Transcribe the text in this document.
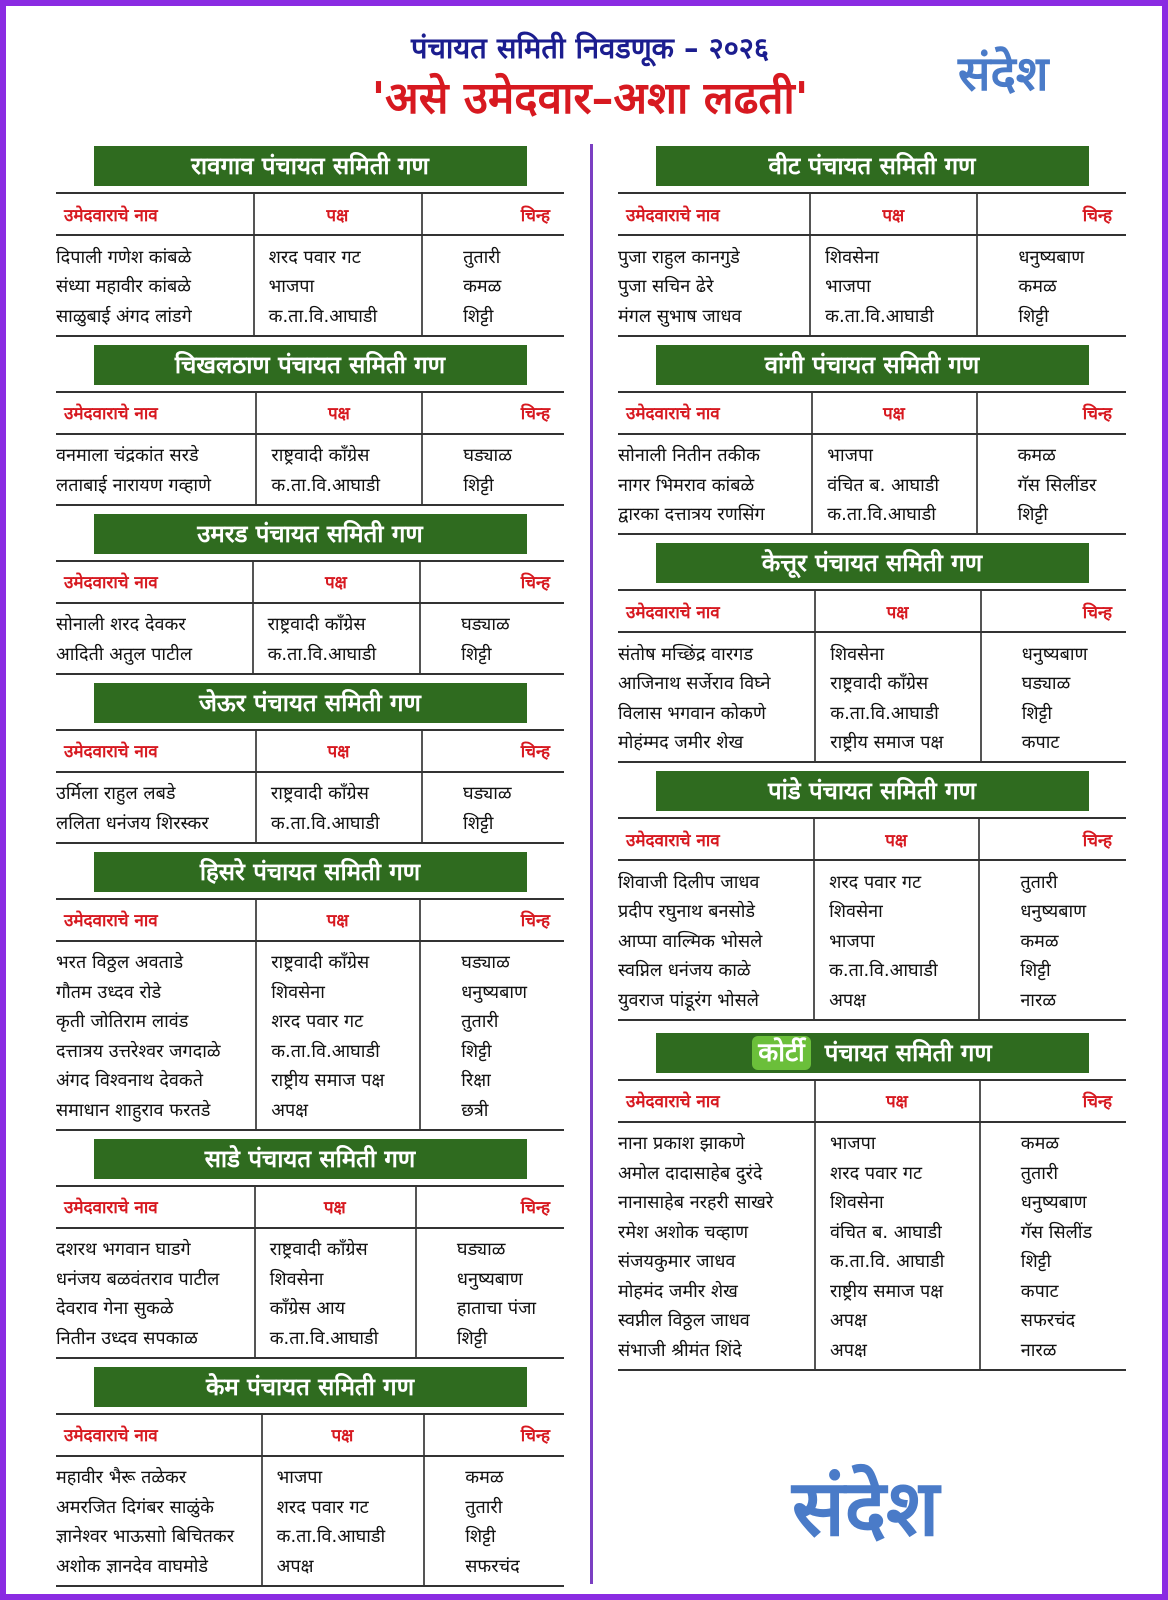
पंचायत समिती निवडणूक – २०२६
'असे उमेदवार–अशा लढती'	संदेश
रावगाव पंचायत समिती गण
उमेदवाराचे नाव	पक्ष	चिन्ह
दिपाली गणेश कांबळे	शरद पवार गट	तुतारी
संध्या महावीर कांबळे	भाजपा	कमळ
साळुबाई अंगद लांडगे	क.ता.वि.आघाडी	शिट्टी
चिखलठाण पंचायत समिती गण
उमेदवाराचे नाव	पक्ष	चिन्ह
वनमाला चंद्रकांत सरडे	राष्ट्रवादी काँग्रेस	घड्याळ
लताबाई नारायण गव्हाणे	क.ता.वि.आघाडी	शिट्टी
उमरड पंचायत समिती गण
उमेदवाराचे नाव	पक्ष	चिन्ह
सोनाली शरद देवकर	राष्ट्रवादी काँग्रेस	घड्याळ
आदिती अतुल पाटील	क.ता.वि.आघाडी	शिट्टी
जेऊर पंचायत समिती गण
उमेदवाराचे नाव	पक्ष	चिन्ह
उर्मिला राहुल लबडे	राष्ट्रवादी काँग्रेस	घड्याळ
ललिता धनंजय शिरस्कर	क.ता.वि.आघाडी	शिट्टी
हिसरे पंचायत समिती गण
उमेदवाराचे नाव	पक्ष	चिन्ह
भरत विठ्ठल अवताडे	राष्ट्रवादी काँग्रेस	घड्याळ
गौतम उध्दव रोडे	शिवसेना	धनुष्यबाण
कृती जोतिराम लावंड	शरद पवार गट	तुतारी
दत्तात्रय उत्तरेश्वर जगदाळे	क.ता.वि.आघाडी	शिट्टी
अंगद विश्वनाथ देवकते	राष्ट्रीय समाज पक्ष	रिक्षा
समाधान शाहुराव फरतडे	अपक्ष	छत्री
साडे पंचायत समिती गण
उमेदवाराचे नाव	पक्ष	चिन्ह
दशरथ भगवान घाडगे	राष्ट्रवादी काँग्रेस	घड्याळ
धनंजय बळवंतराव पाटील	शिवसेना	धनुष्यबाण
देवराव गेना सुकळे	काँग्रेस आय	हाताचा पंजा
नितीन उध्दव सपकाळ	क.ता.वि.आघाडी	शिट्टी
केम पंचायत समिती गण
उमेदवाराचे नाव	पक्ष	चिन्ह
महावीर भैरू तळेकर	भाजपा	कमळ
अमरजित दिगंबर साळुंके	शरद पवार गट	तुतारी
ज्ञानेश्वर भाऊसाो बिचितकर	क.ता.वि.आघाडी	शिट्टी
अशोक ज्ञानदेव वाघमोडे	अपक्ष	सफरचंद
वीट पंचायत समिती गण
उमेदवाराचे नाव	पक्ष	चिन्ह
पुजा राहुल कानगुडे	शिवसेना	धनुष्यबाण
पुजा सचिन ढेरे	भाजपा	कमळ
मंगल सुभाष जाधव	क.ता.वि.आघाडी	शिट्टी
वांगी पंचायत समिती गण
उमेदवाराचे नाव	पक्ष	चिन्ह
सोनाली नितीन तकीक	भाजपा	कमळ
नागर भिमराव कांबळे	वंचित ब. आघाडी	गॅस सिलींडर
द्वारका दत्तात्रय रणसिंग	क.ता.वि.आघाडी	शिट्टी
केत्तूर पंचायत समिती गण
उमेदवाराचे नाव	पक्ष	चिन्ह
संतोष मच्छिंद्र वारगड	शिवसेना	धनुष्यबाण
आजिनाथ सर्जेराव विघ्ने	राष्ट्रवादी काँग्रेस	घड्याळ
विलास भगवान कोकणे	क.ता.वि.आघाडी	शिट्टी
मोहंम्मद जमीर शेख	राष्ट्रीय समाज पक्ष	कपाट
पांडे पंचायत समिती गण
उमेदवाराचे नाव	पक्ष	चिन्ह
शिवाजी दिलीप जाधव	शरद पवार गट	तुतारी
प्रदीप रघुनाथ बनसोडे	शिवसेना	धनुष्यबाण
आप्पा वाल्मिक भोसले	भाजपा	कमळ
स्वप्निल धनंजय काळे	क.ता.वि.आघाडी	शिट्टी
युवराज पांडूरंग भोसले	अपक्ष	नारळ
कोर्टी पंचायत समिती गण
उमेदवाराचे नाव	पक्ष	चिन्ह
नाना प्रकाश झाकणे	भाजपा	कमळ
अमोल दादासाहेब दुरंदे	शरद पवार गट	तुतारी
नानासाहेब नरहरी साखरे	शिवसेना	धनुष्यबाण
रमेश अशोक चव्हाण	वंचित ब. आघाडी	गॅस सिलींड
संजयकुमार जाधव	क.ता.वि. आघाडी	शिट्टी
मोहमंद जमीर शेख	राष्ट्रीय समाज पक्ष	कपाट
स्वप्नील विठ्ठल जाधव	अपक्ष	सफरचंद
संभाजी श्रीमंत शिंदे	अपक्ष	नारळ
संदेश
